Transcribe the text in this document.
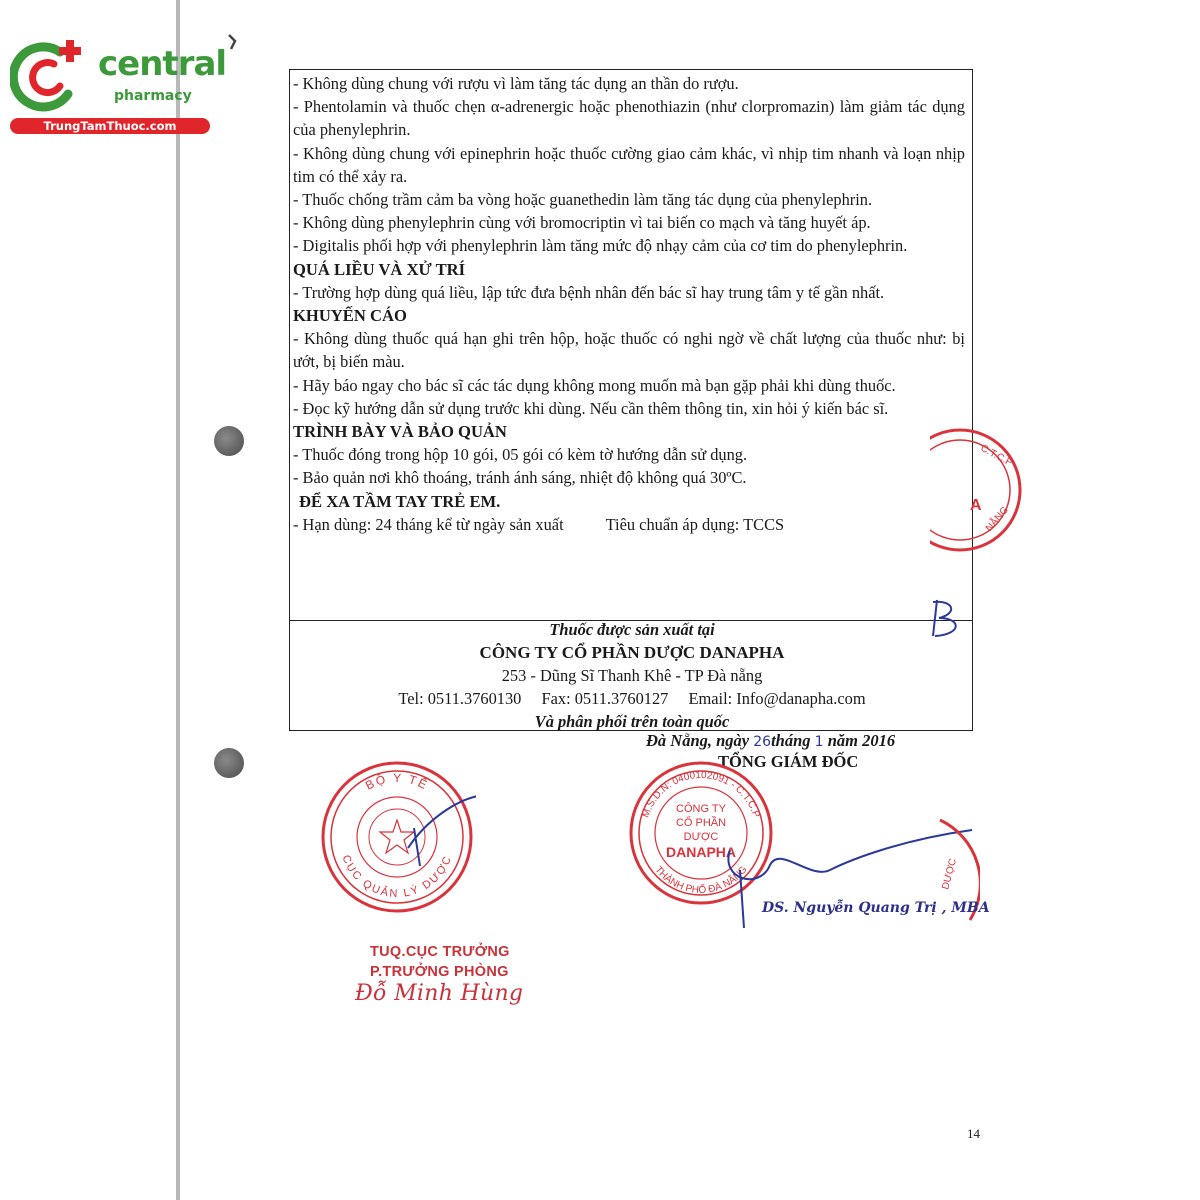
central
pharmacy
TrungTamThuoc.com

- Không dùng chung với rượu vì làm tăng tác dụng an thần do rượu.

- Phentolamin và thuốc chẹn α-adrenergic hoặc phenothiazin (như clorpromazin) làm giảm tác dụng của phenylephrin.

- Không dùng chung với epinephrin hoặc thuốc cường giao cảm khác, vì nhịp tim nhanh và loạn nhịp tim có thể xảy ra.

- Thuốc chống trầm cảm ba vòng hoặc guanethedin làm tăng tác dụng của phenylephrin.

- Không dùng phenylephrin cùng với bromocriptin vì tai biến co mạch và tăng huyết áp.

- Digitalis phối hợp với phenylephrin làm tăng mức độ nhạy cảm của cơ tim do phenylephrin.

QUÁ LIỀU VÀ XỬ TRÍ

- Trường hợp dùng quá liều, lập tức đưa bệnh nhân đến bác sĩ hay trung tâm y tế gần nhất.

KHUYẾN CÁO

- Không dùng thuốc quá hạn ghi trên hộp, hoặc thuốc có nghi ngờ về chất lượng của thuốc như: bị ướt, bị biến màu.

- Hãy báo ngay cho bác sĩ các tác dụng không mong muốn mà bạn gặp phải khi dùng thuốc.

- Đọc kỹ hướng dẫn sử dụng trước khi dùng. Nếu cần thêm thông tin, xin hỏi ý kiến bác sĩ.

TRÌNH BÀY VÀ BẢO QUẢN

- Thuốc đóng trong hộp 10 gói, 05 gói có kèm tờ hướng dẫn sử dụng.

- Bảo quản nơi khô thoáng, tránh ánh sáng, nhiệt độ không quá 30ºC.

ĐỂ XA TẦM TAY TRẺ EM.
- Hạn dùng: 24 tháng kể từ ngày sản xuất	Tiêu chuẩn áp dụng: TCCS
Thuốc được sản xuất tại
CÔNG TY CỔ PHẦN DƯỢC DANAPHA
253 - Dũng Sĩ Thanh Khê - TP Đà nẵng
Tel: 0511.3760130 Fax: 0511.3760127 Email: Info@danapha.com
Và phân phối trên toàn quốc
C.T.C.P
NẴNG
A
Đà Nẵng, ngày 26tháng 1 năm 2016
TỔNG GIÁM ĐỐC
BỘ Y TẾ
CỤC QUẢN LÝ DƯỢC
M.S.D.N: 0400102091 - C.T.C.P
THÀNH PHỐ ĐÀ NẴNG
CÔNG TY
CỔ PHẦN
DƯỢC
DANAPHA
DƯỢC
DS. Nguyễn Quang Trị , MBA
TUQ.CỤC TRƯỞNG
P.TRƯỞNG PHÒNG
Đỗ Minh Hùng
14
